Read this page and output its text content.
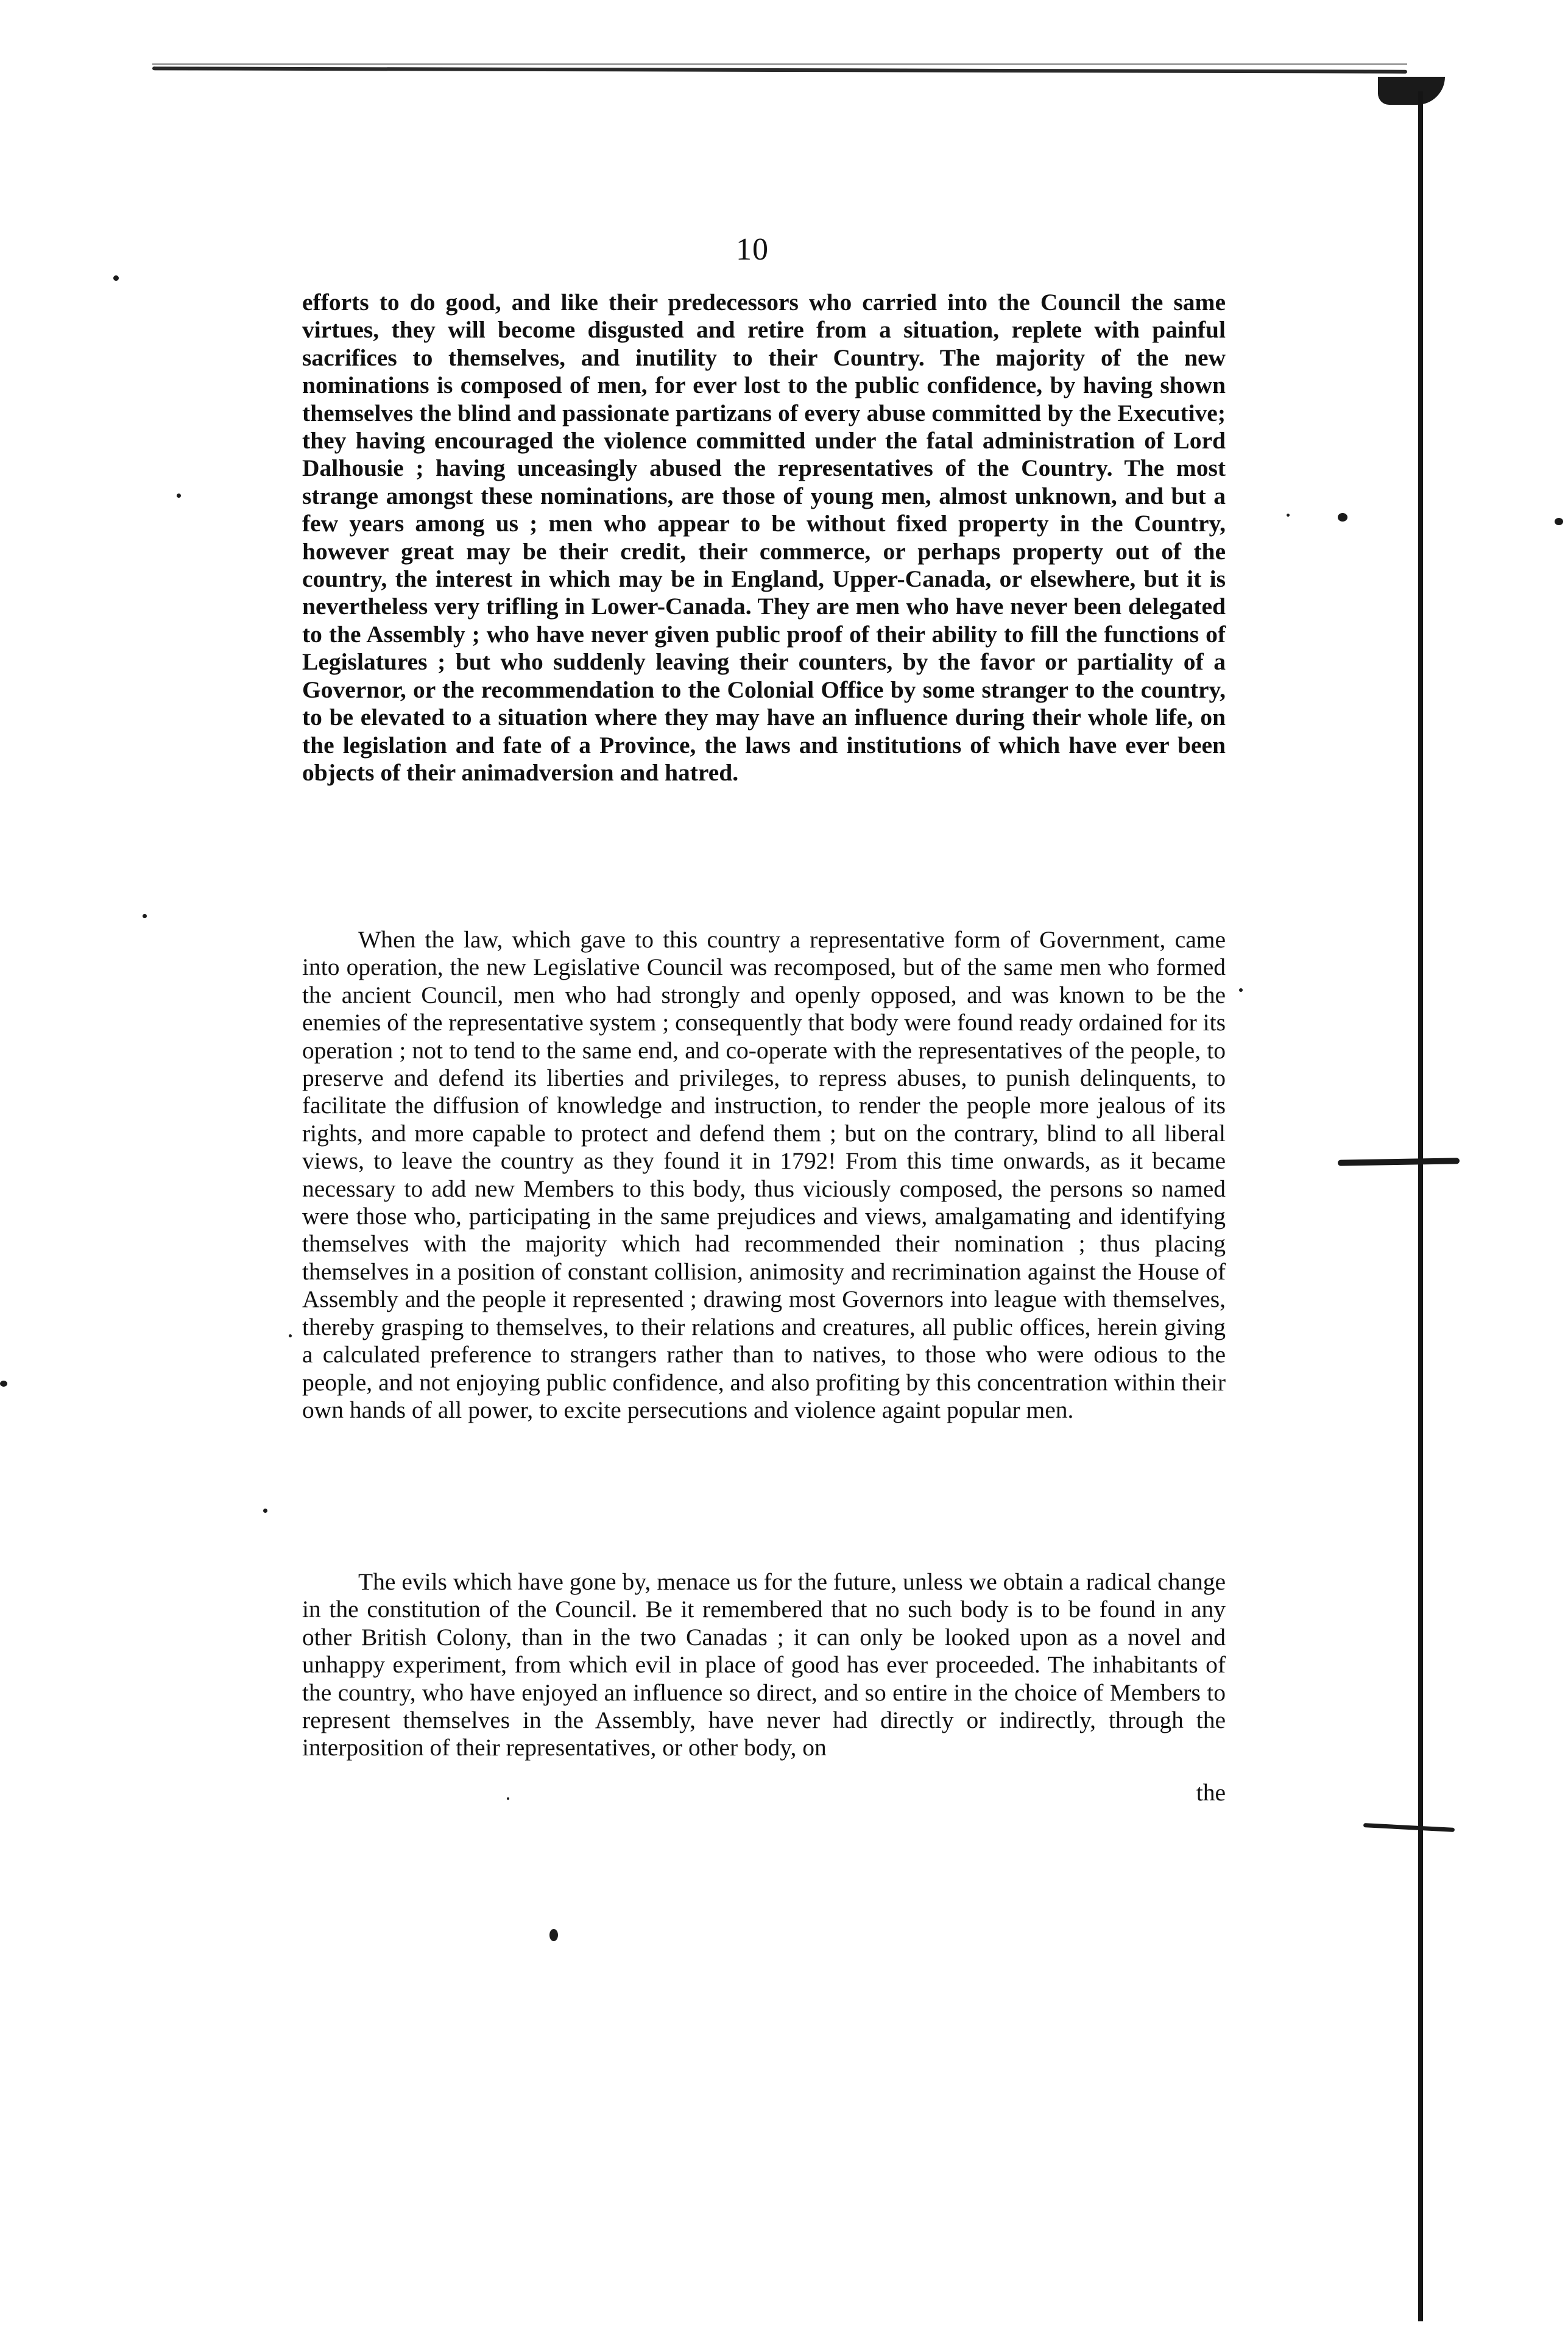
10

efforts to do good, and like their predecessors who carried into the Council the same virtues, they will become disgusted and retire from a situation, replete with painful sacrifices to themselves, and inutility to their Country. The majority of the new nominations is composed of men, for ever lost to the public confidence, by having shown themselves the blind and passionate partizans of every abuse committed by the Executive; they having encouraged the violence committed under the fatal administration of Lord Dalhousie ; having unceasingly abused the representatives of the Country. The most strange amongst these nominations, are those of young men, almost unknown, and but a few years among us ; men who appear to be without fixed property in the Country, however great may be their credit, their commerce, or perhaps property out of the country, the interest in which may be in England, Upper-Canada, or elsewhere, but it is nevertheless very trifling in Lower-Canada. They are men who have never been delegated to the Assembly ; who have never given public proof of their ability to fill the functions of Legislatures ; but who suddenly leaving their counters, by the favor or partiality of a Governor, or the recommendation to the Colonial Office by some stranger to the country, to be elevated to a situation where they may have an influence during their whole life, on the legislation and fate of a Province, the laws and institutions of which have ever been objects of their animadversion and hatred.

When the law, which gave to this country a representative form of Government, came into operation, the new Legislative Council was recomposed, but of the same men who formed the ancient Council, men who had strongly and openly opposed, and was known to be the enemies of the representative system ; consequently that body were found ready ordained for its operation ; not to tend to the same end, and co-operate with the representatives of the people, to preserve and defend its liberties and privileges, to repress abuses, to punish delinquents, to facilitate the diffusion of knowledge and instruction, to render the people more jealous of its rights, and more capable to protect and defend them ; but on the contrary, blind to all liberal views, to leave the country as they found it in 1792! From this time onwards, as it became necessary to add new Members to this body, thus viciously composed, the persons so named were those who, participating in the same prejudices and views, amalgamating and identifying themselves with the majority which had recommended their nomination ; thus placing themselves in a position of constant collision, animosity and recrimination against the House of Assembly and the people it represented ; drawing most Governors into league with themselves, thereby grasping to themselves, to their relations and creatures, all public offices, herein giving a calculated preference to strangers rather than to natives, to those who were odious to the people, and not enjoying public confidence, and also profiting by this concentration within their own hands of all power, to excite persecutions and violence againt popular men.

The evils which have gone by, menace us for the future, unless we obtain a radical change in the constitution of the Council. Be it remembered that no such body is to be found in any other British Colony, than in the two Canadas ; it can only be looked upon as a novel and unhappy experiment, from which evil in place of good has ever proceeded. The inhabitants of the country, who have enjoyed an influence so direct, and so entire in the choice of Members to represent themselves in the Assembly, have never had directly or indirectly, through the interposition of their representatives, or other body, on

the
